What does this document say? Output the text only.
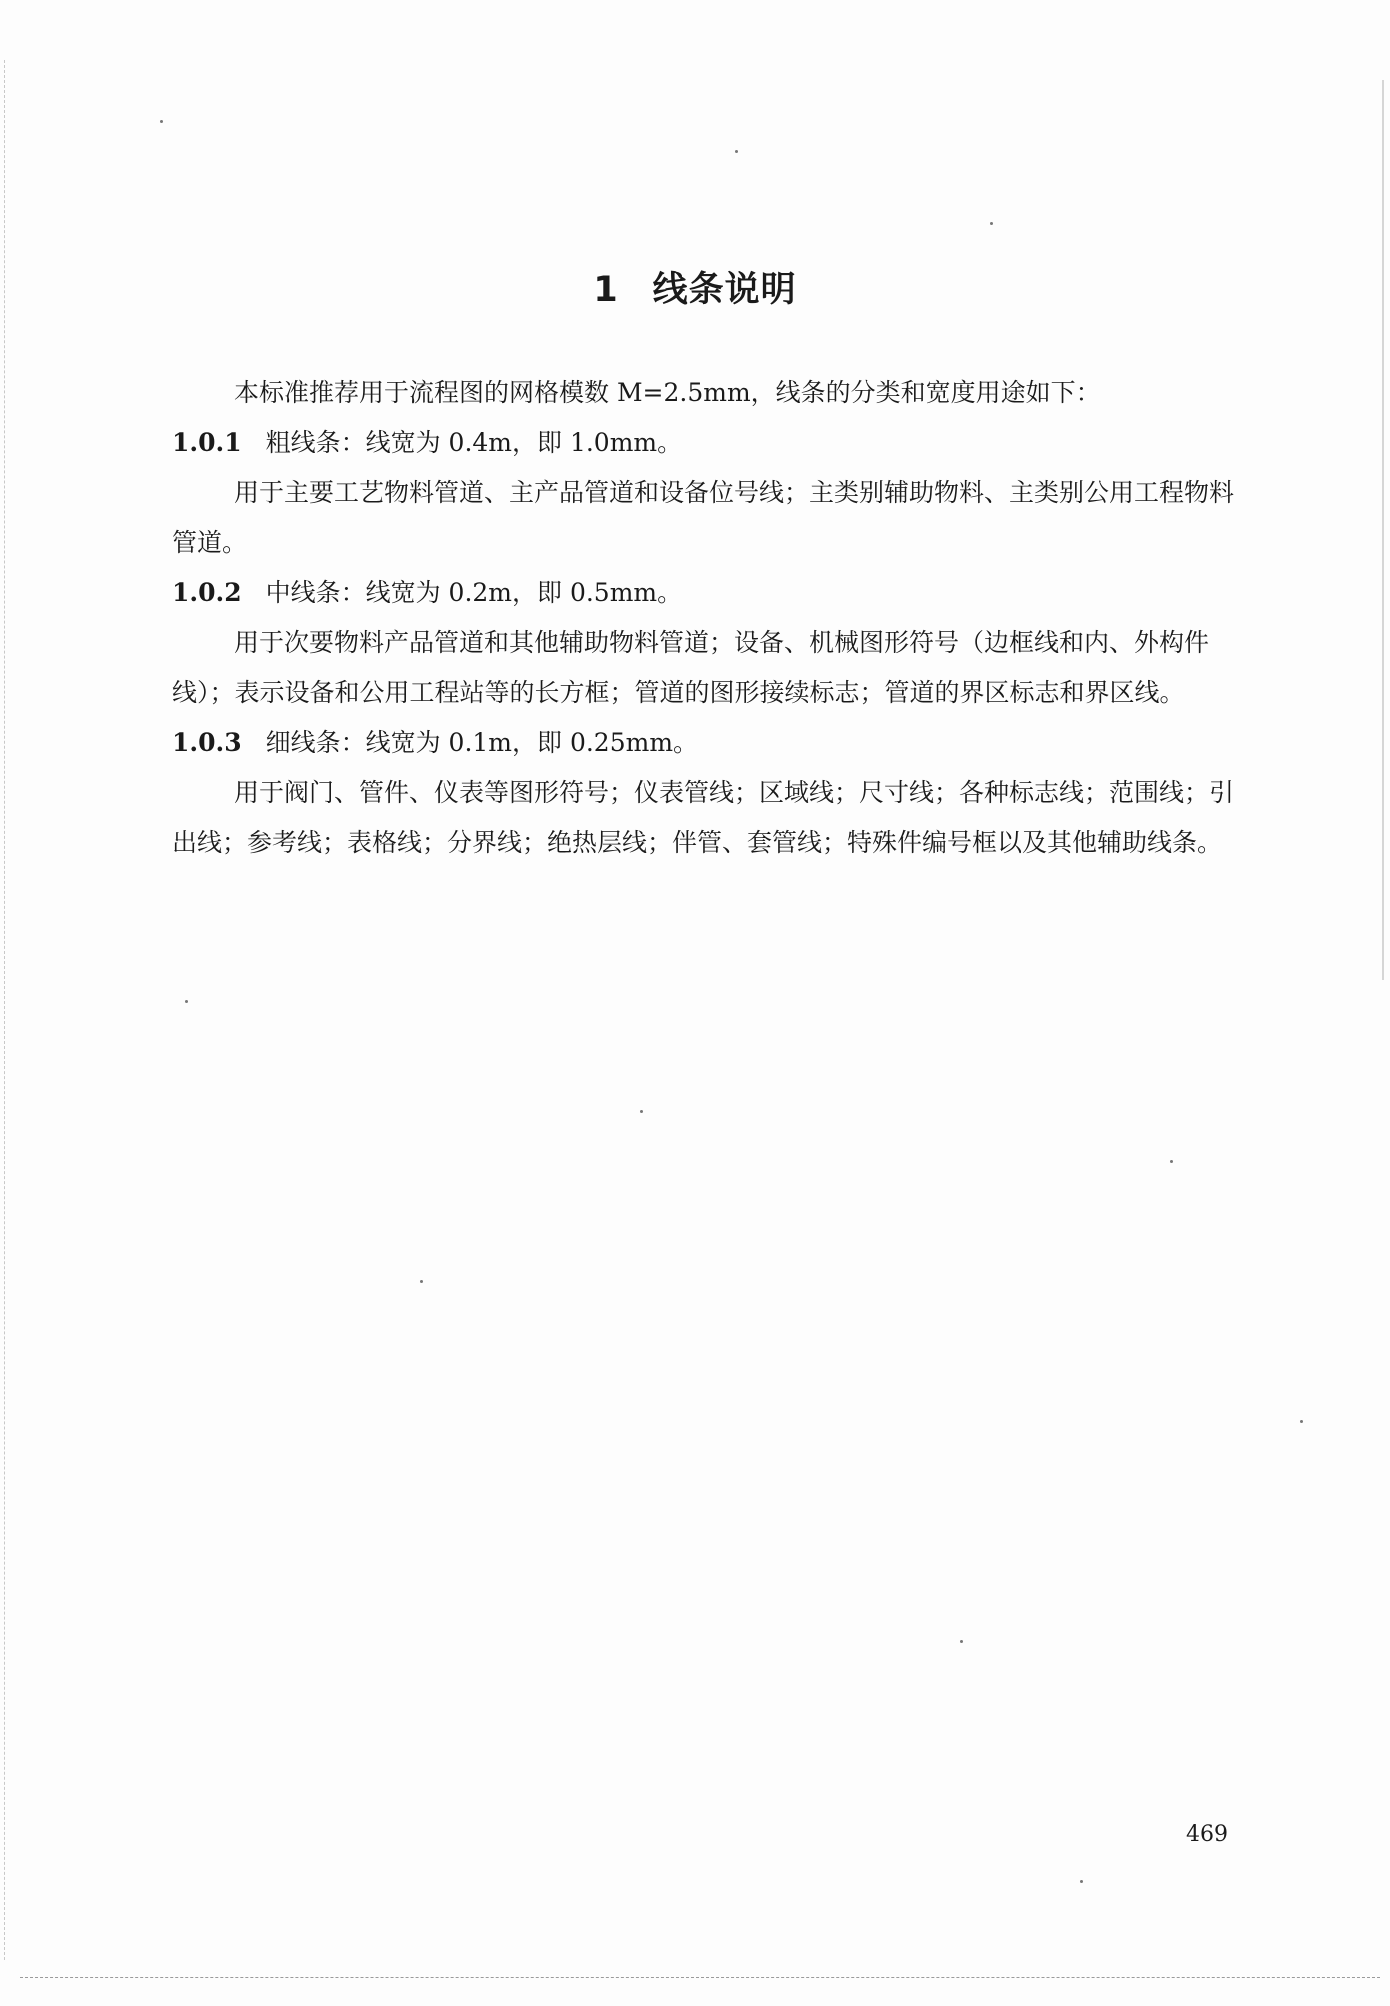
1 线条说明

本标准推荐用于流程图的网格模数 M=2.5mm，线条的分类和宽度用途如下：

1.0.1 粗线条：线宽为 0.4m，即 1.0mm。

用于主要工艺物料管道、主产品管道和设备位号线；主类别辅助物料、主类别公用工程物料管道。

1.0.2 中线条：线宽为 0.2m，即 0.5mm。

用于次要物料产品管道和其他辅助物料管道；设备、机械图形符号（边框线和内、外构件线）；表示设备和公用工程站等的长方框；管道的图形接续标志；管道的界区标志和界区线。

1.0.3 细线条：线宽为 0.1m，即 0.25mm。

用于阀门、管件、仪表等图形符号；仪表管线；区域线；尺寸线；各种标志线；范围线；引出线；参考线；表格线；分界线；绝热层线；伴管、套管线；特殊件编号框以及其他辅助线条。

469
